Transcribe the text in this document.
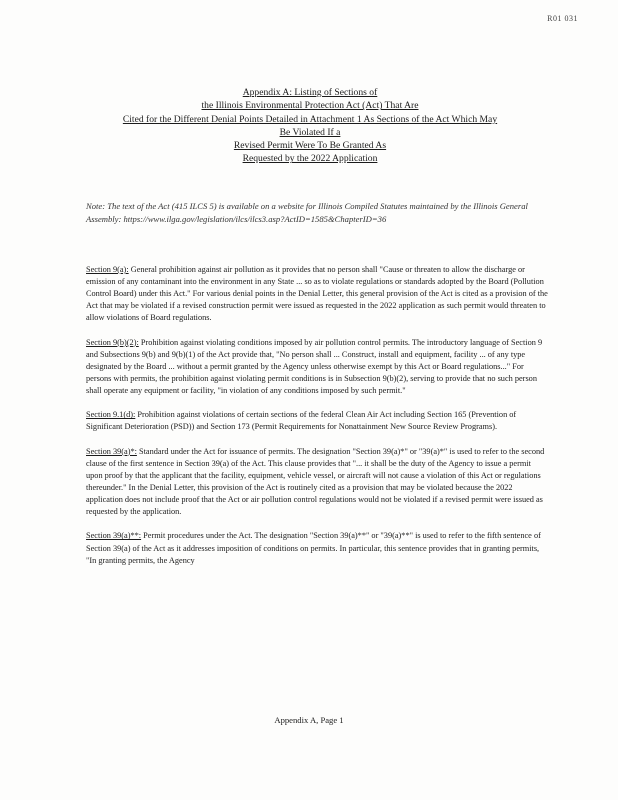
R01 031
Appendix A: Listing of Sections of
the Illinois Environmental Protection Act (Act) That Are
Cited for the Different Denial Points Detailed in Attachment 1 As Sections of the Act Which May
Be Violated If a
Revised Permit Were To Be Granted As
Requested by the 2022 Application
Note: The text of the Act (415 ILCS 5) is available on a website for Illinois Compiled Statutes maintained by the Illinois General Assembly: https://www.ilga.gov/legislation/ilcs/ilcs3.asp?ActID=1585&ChapterID=36

Section 9(a): General prohibition against air pollution as it provides that no person shall "Cause or threaten to allow the discharge or emission of any contaminant into the environment in any State ... so as to violate regulations or standards adopted by the Board (Pollution Control Board) under this Act." For various denial points in the Denial Letter, this general provision of the Act is cited as a provision of the Act that may be violated if a revised construction permit were issued as requested in the 2022 application as such permit would threaten to allow violations of Board regulations.

Section 9(b)(2): Prohibition against violating conditions imposed by air pollution control permits. The introductory language of Section 9 and Subsections 9(b) and 9(b)(1) of the Act provide that, "No person shall ... Construct, install and equipment, facility ... of any type designated by the Board ... without a permit granted by the Agency unless otherwise exempt by this Act or Board regulations..." For persons with permits, the prohibition against violating permit conditions is in Subsection 9(b)(2), serving to provide that no such person shall operate any equipment or facility, "in violation of any conditions imposed by such permit."

Section 9.1(d): Prohibition against violations of certain sections of the federal Clean Air Act including Section 165 (Prevention of Significant Deterioration (PSD)) and Section 173 (Permit Requirements for Nonattainment New Source Review Programs).

Section 39(a)*: Standard under the Act for issuance of permits. The designation "Section 39(a)*" or "39(a)*" is used to refer to the second clause of the first sentence in Section 39(a) of the Act. This clause provides that "... it shall be the duty of the Agency to issue a permit upon proof by that the applicant that the facility, equipment, vehicle vessel, or aircraft will not cause a violation of this Act or regulations thereunder." In the Denial Letter, this provision of the Act is routinely cited as a provision that may be violated because the 2022 application does not include proof that the Act or air pollution control regulations would not be violated if a revised permit were issued as requested by the application.

Section 39(a)**: Permit procedures under the Act. The designation "Section 39(a)**" or "39(a)**" is used to refer to the fifth sentence of Section 39(a) of the Act as it addresses imposition of conditions on permits. In particular, this sentence provides that in granting permits, "In granting permits, the Agency

Appendix A, Page 1
